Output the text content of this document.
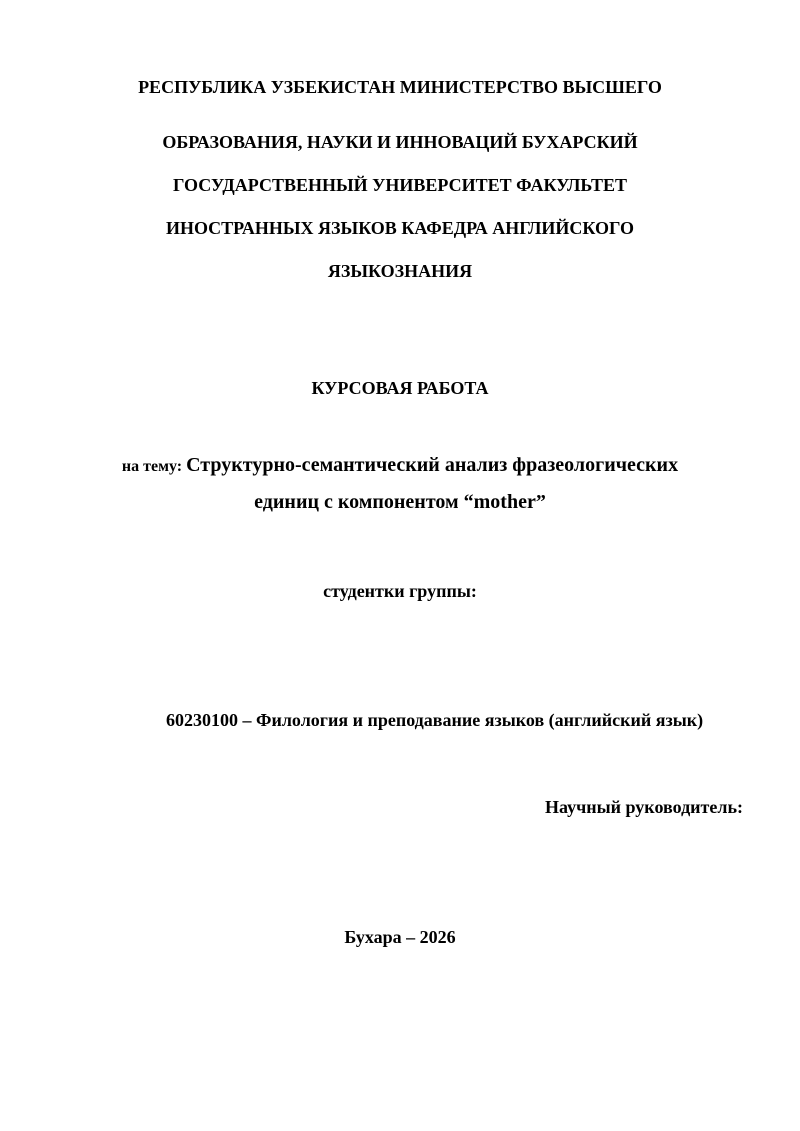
РЕСПУБЛИКА УЗБЕКИСТАН МИНИСТЕРСТВО ВЫСШЕГО
ОБРАЗОВАНИЯ, НАУКИ И ИННОВАЦИЙ БУХАРСКИЙ
ГОСУДАРСТВЕННЫЙ УНИВЕРСИТЕТ ФАКУЛЬТЕТ
ИНОСТРАННЫХ ЯЗЫКОВ КАФЕДРА АНГЛИЙСКОГО
ЯЗЫКОЗНАНИЯ
КУРСОВАЯ РАБОТА
на тему: Структурно-семантический анализ фразеологических
единиц с компонентом “mother”
студентки группы:
60230100 – Филология и преподавание языков (английский язык)
Научный руководитель:
Бухара – 2026
